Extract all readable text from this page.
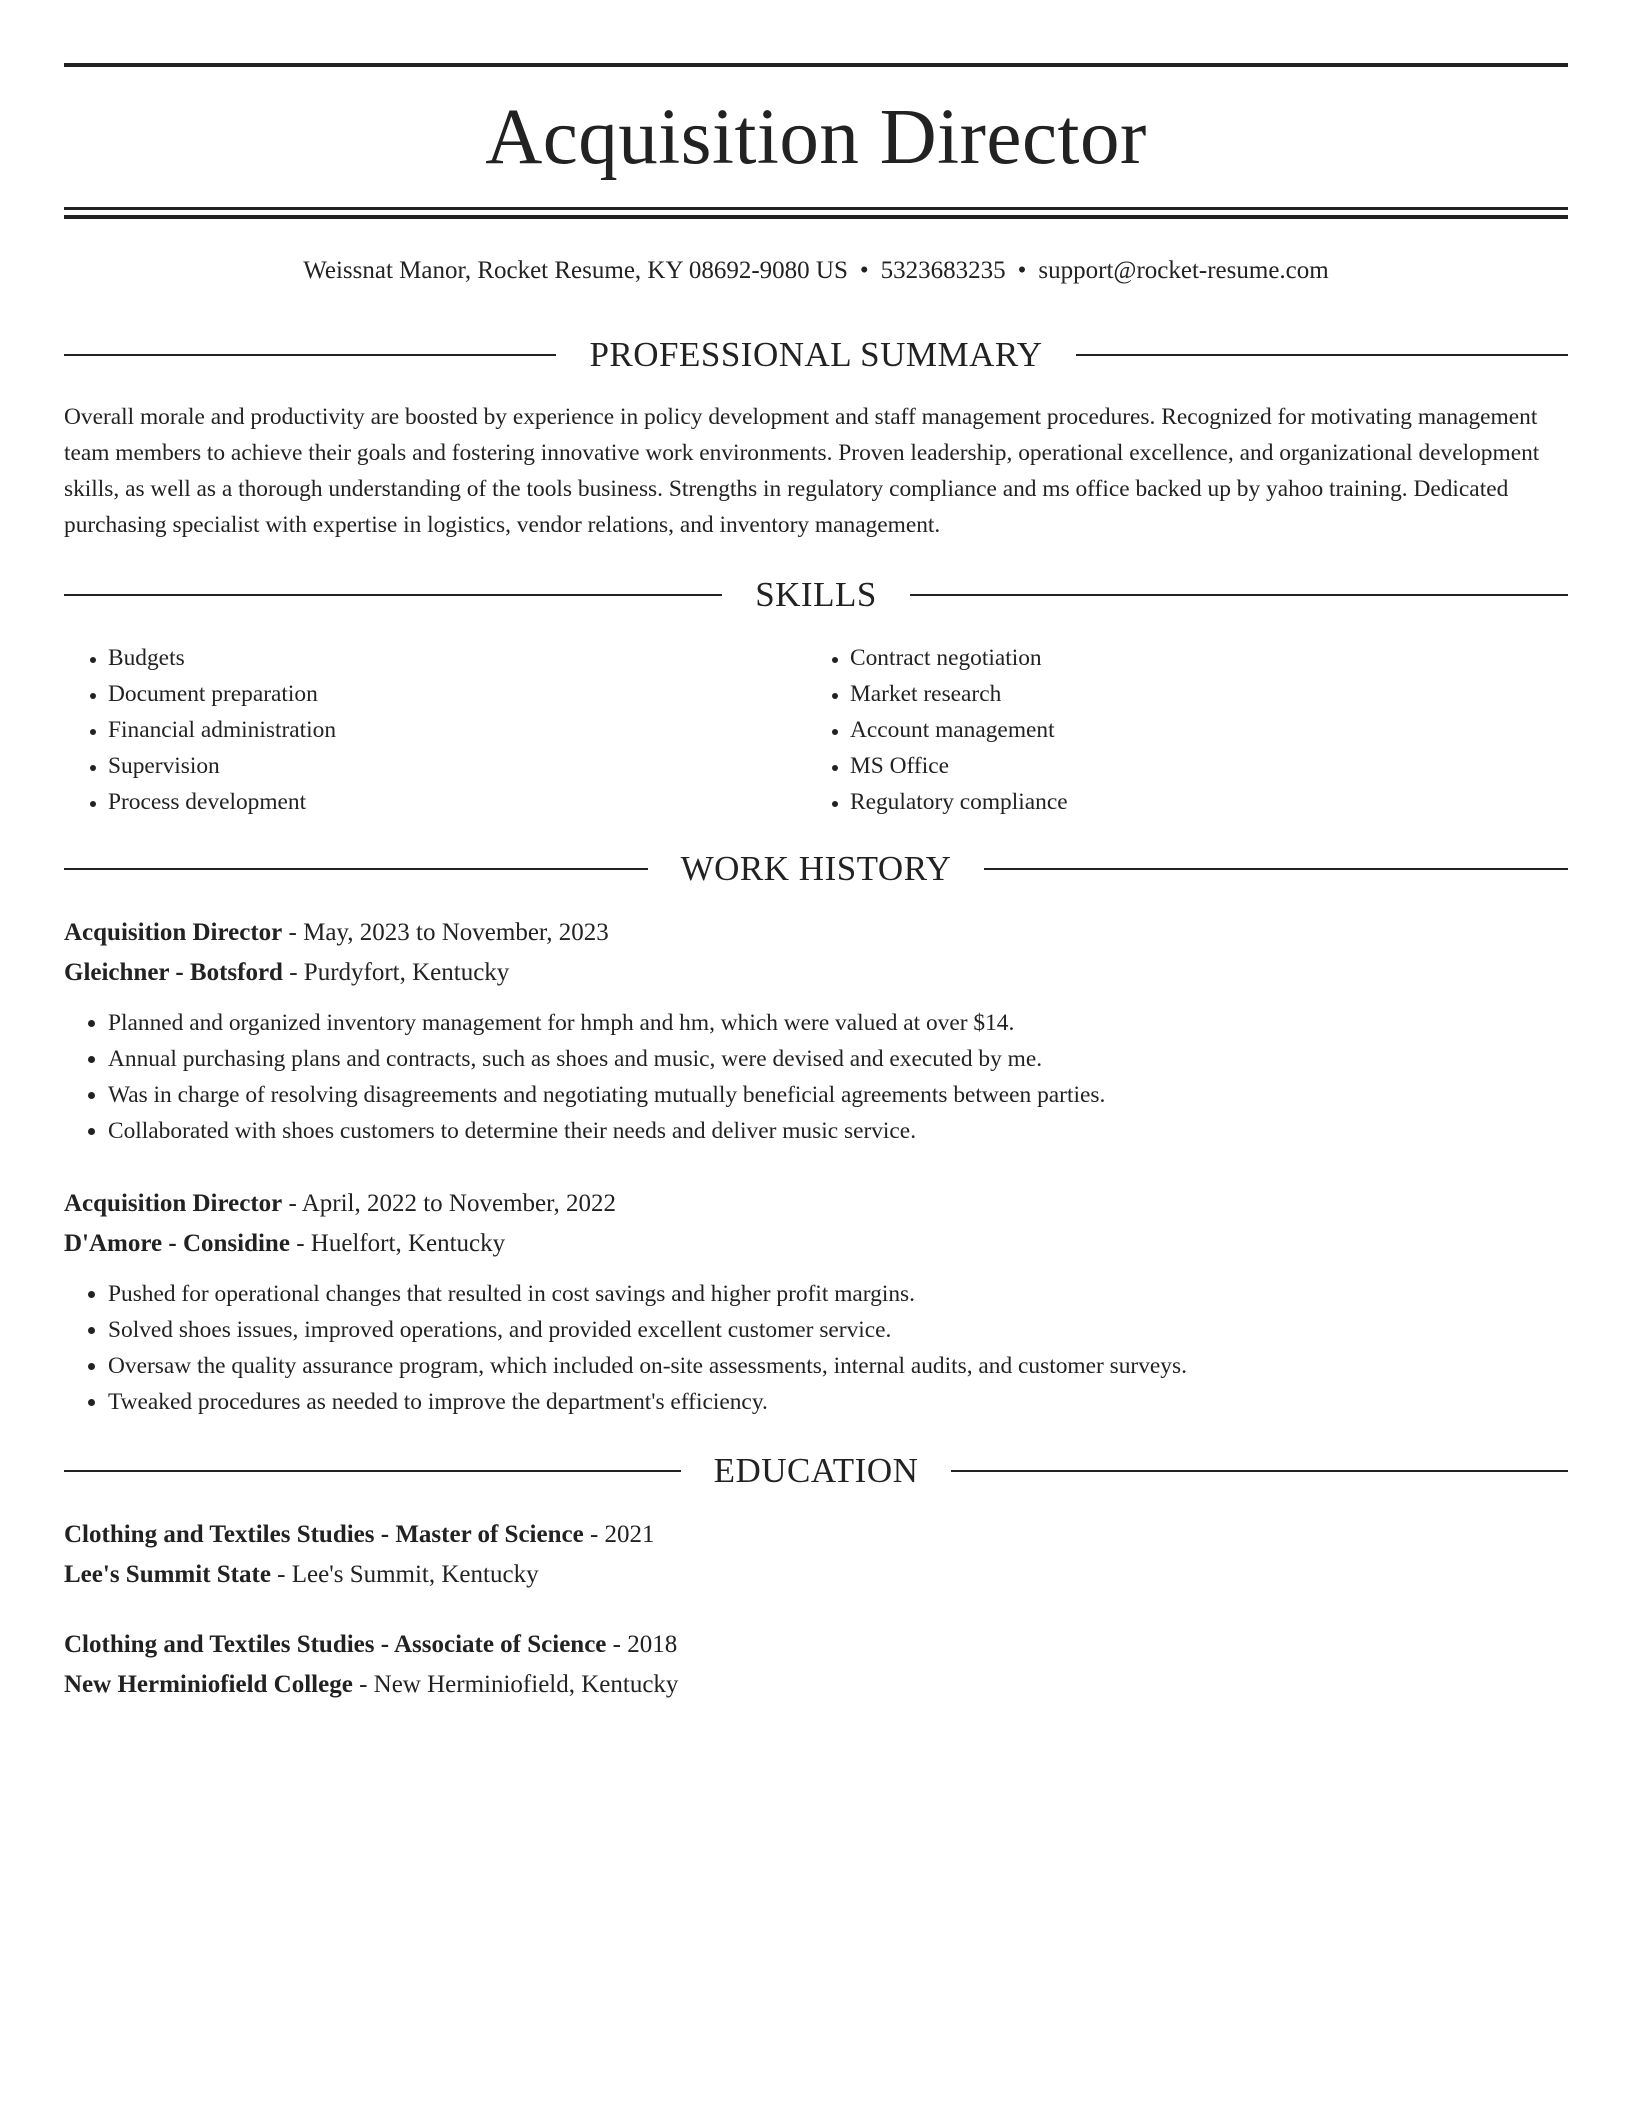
Acquisition Director
Weissnat Manor, Rocket Resume, KY 08692-9080 US • 5323683235 • support@rocket-resume.com
PROFESSIONAL SUMMARY

Overall morale and productivity are boosted by experience in policy development and staff management procedures. Recognized for motivating management team members to achieve their goals and fostering innovative work environments. Proven leadership, operational excellence, and organizational development skills, as well as a thorough understanding of the tools business. Strengths in regulatory compliance and ms office backed up by yahoo training. Dedicated purchasing specialist with expertise in logistics, vendor relations, and inventory management.

SKILLS
• Budgets
• Document preparation
• Financial administration
• Supervision
• Process development
• Contract negotiation
• Market research
• Account management
• MS Office
• Regulatory compliance
WORK HISTORY
Acquisition Director - May, 2023 to November, 2023
Gleichner - Botsford - Purdyfort, Kentucky
• Planned and organized inventory management for hmph and hm, which were valued at over $14.
• Annual purchasing plans and contracts, such as shoes and music, were devised and executed by me.
• Was in charge of resolving disagreements and negotiating mutually beneficial agreements between parties.
• Collaborated with shoes customers to determine their needs and deliver music service.
Acquisition Director - April, 2022 to November, 2022
D'Amore - Considine - Huelfort, Kentucky
• Pushed for operational changes that resulted in cost savings and higher profit margins.
• Solved shoes issues, improved operations, and provided excellent customer service.
• Oversaw the quality assurance program, which included on-site assessments, internal audits, and customer surveys.
• Tweaked procedures as needed to improve the department's efficiency.
EDUCATION
Clothing and Textiles Studies - Master of Science - 2021
Lee's Summit State - Lee's Summit, Kentucky
Clothing and Textiles Studies - Associate of Science - 2018
New Herminiofield College - New Herminiofield, Kentucky
